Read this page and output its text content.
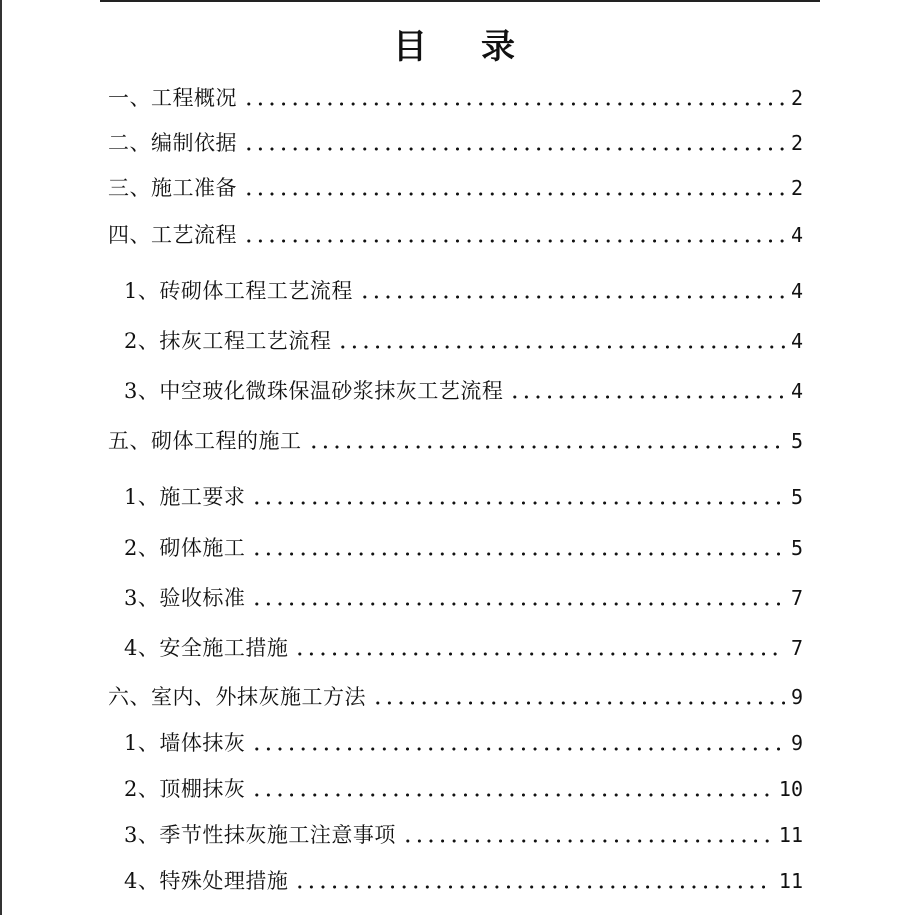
目 录
一、工程概况	2
二、编制依据	2
三、施工准备	2
四、工艺流程	4
1、砖砌体工程工艺流程	4
2、抹灰工程工艺流程	4
3、中空玻化微珠保温砂浆抹灰工艺流程	4
五、砌体工程的施工	5
1、施工要求	5
2、砌体施工	5
3、验收标准	7
4、安全施工措施	7
六、室内、外抹灰施工方法	9
1、墙体抹灰	9
2、顶棚抹灰	10
3、季节性抹灰施工注意事项	11
4、特殊处理措施	11
